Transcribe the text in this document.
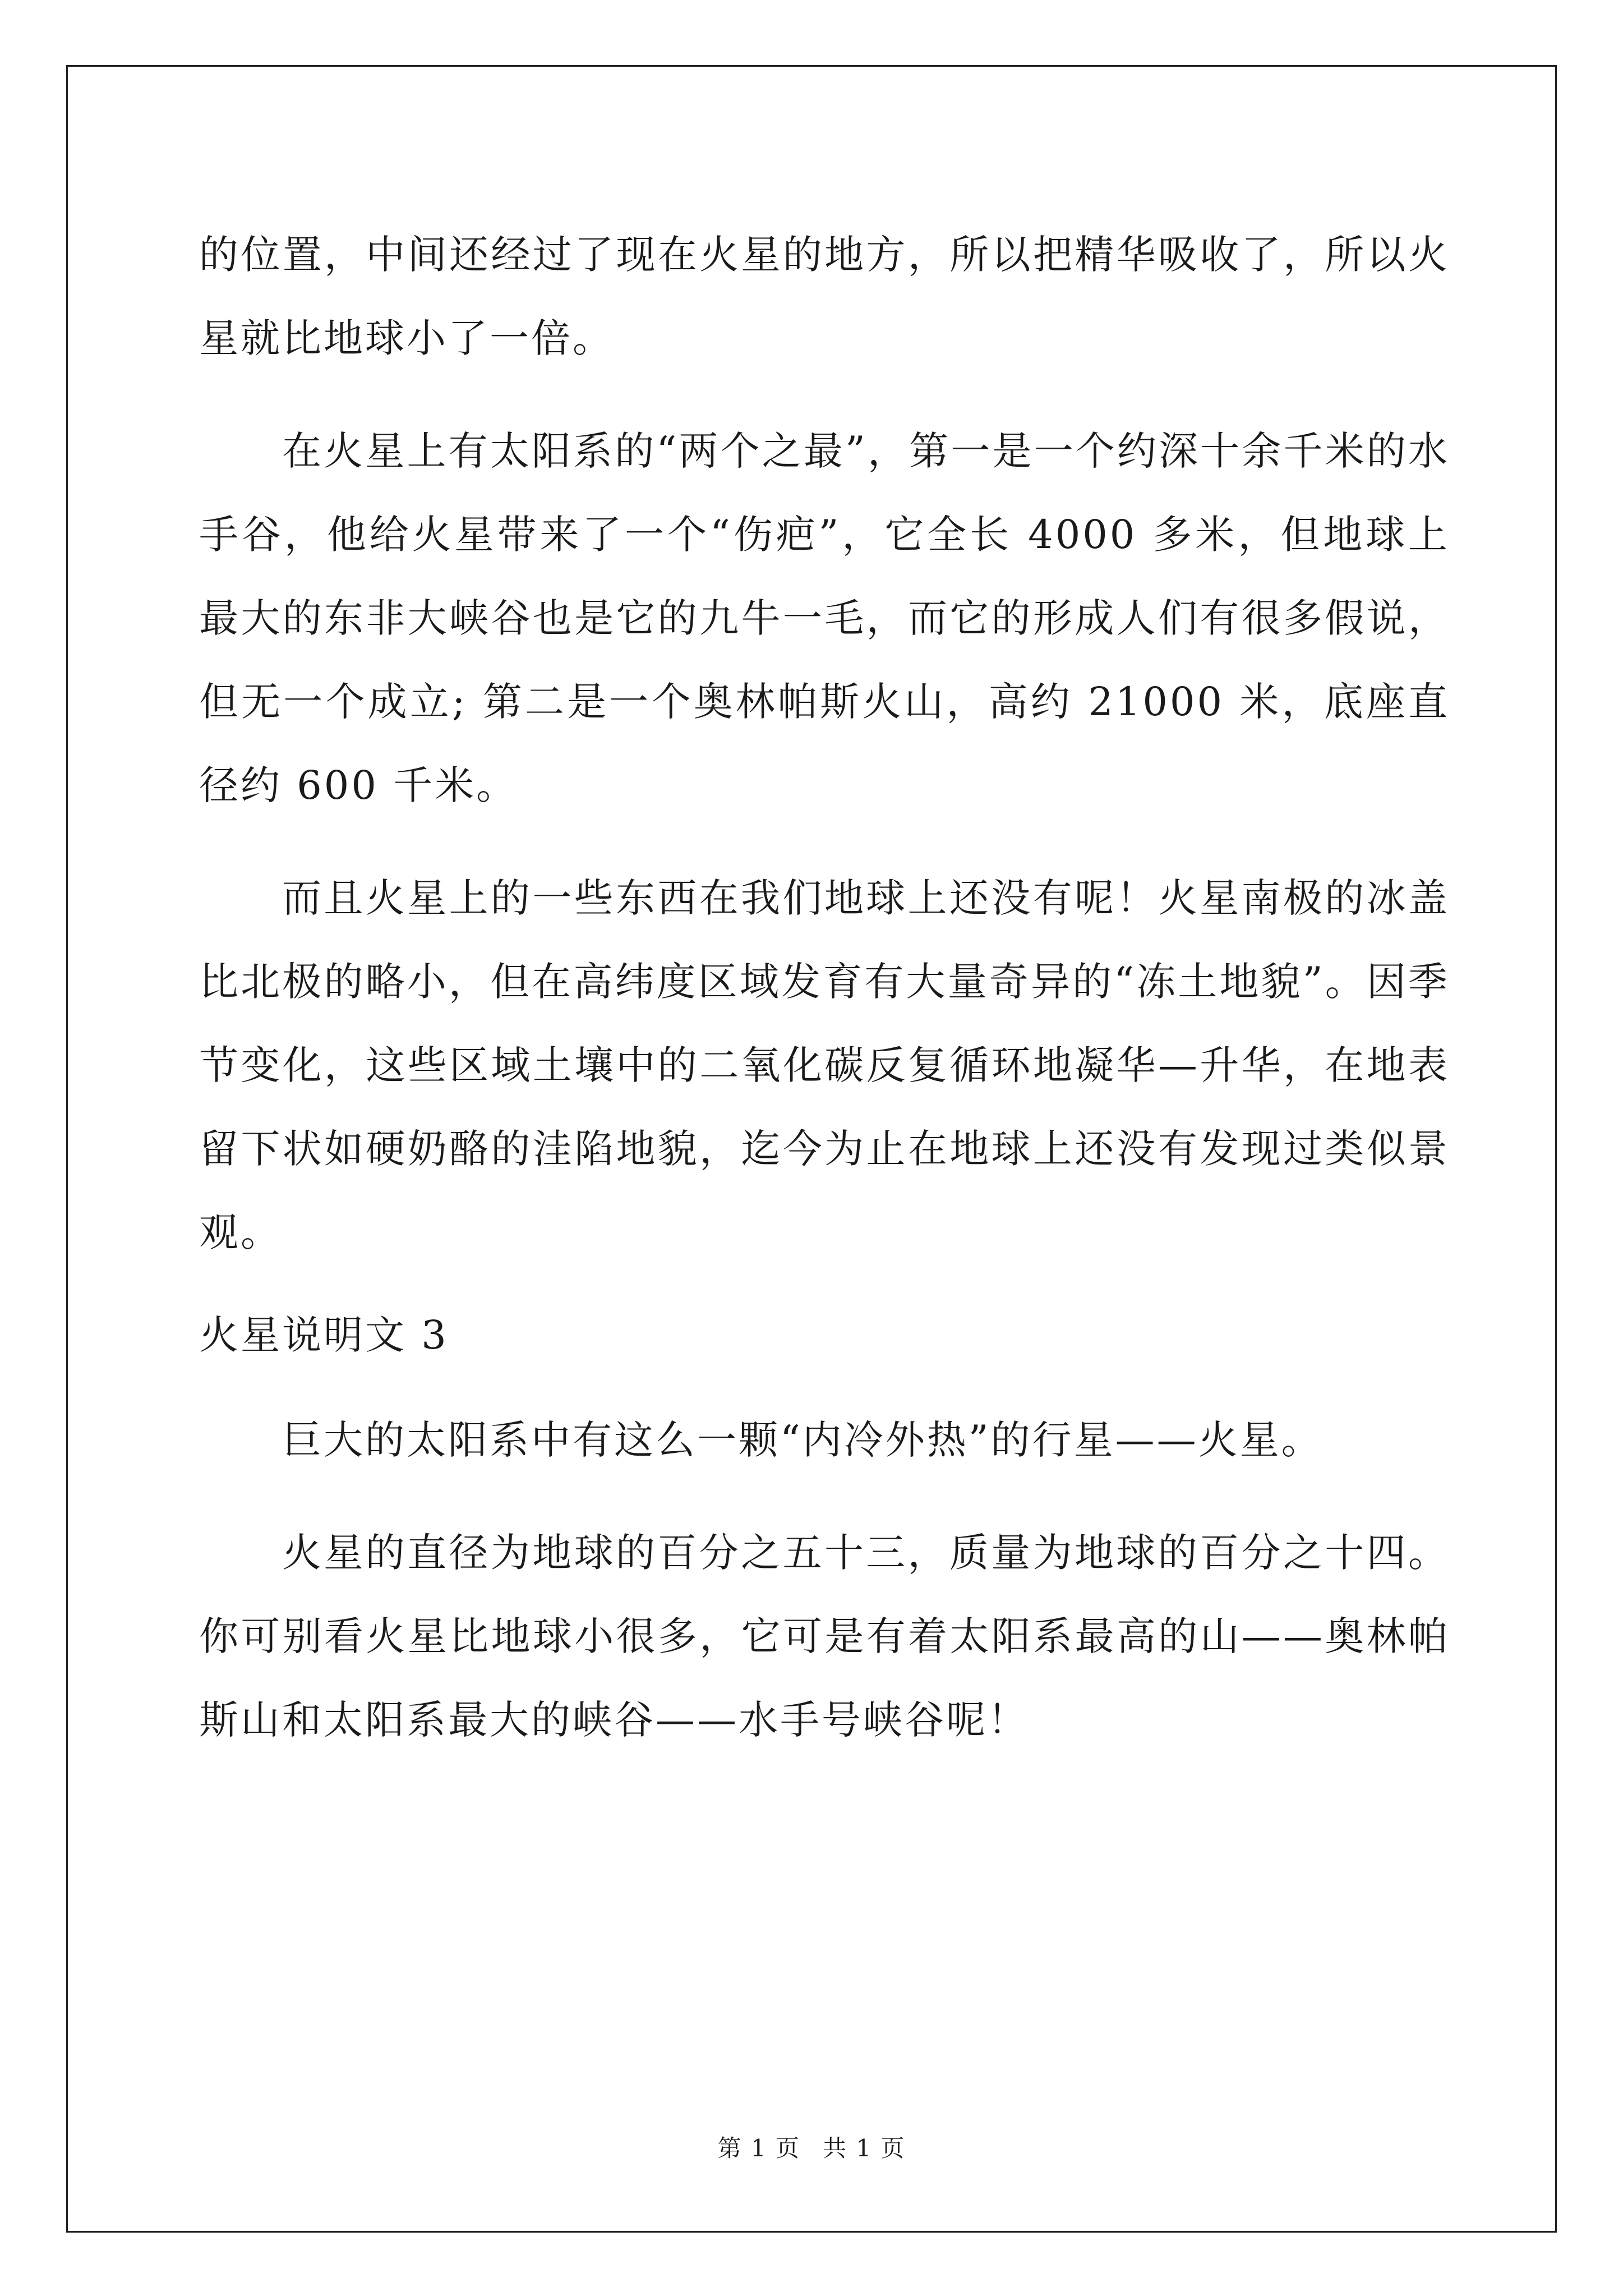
的位置，中间还经过了现在火星的地方，所以把精华吸收了，所以火星就比地球小了一倍。

在火星上有太阳系的“两个之最”，第一是一个约深十余千米的水手谷，他给火星带来了一个“伤疤”，它全长 4000 多米，但地球上最大的东非大峡谷也是它的九牛一毛，而它的形成人们有很多假说，但无一个成立; 第二是一个奥林帕斯火山，高约 21000 米，底座直径约 600 千米。

而且火星上的一些东西在我们地球上还没有呢！火星南极的冰盖比北极的略小，但在高纬度区域发育有大量奇异的“冻土地貌”。因季节变化，这些区域土壤中的二氧化碳反复循环地凝华—升华，在地表留下状如硬奶酪的洼陷地貌，迄今为止在地球上还没有发现过类似景观。

火星说明文 3

巨大的太阳系中有这么一颗“内冷外热”的行星——火星。

火星的直径为地球的百分之五十三，质量为地球的百分之十四。你可别看火星比地球小很多，它可是有着太阳系最高的山——奥林帕斯山和太阳系最大的峡谷——水手号峡谷呢！

第 1 页 共 1 页
